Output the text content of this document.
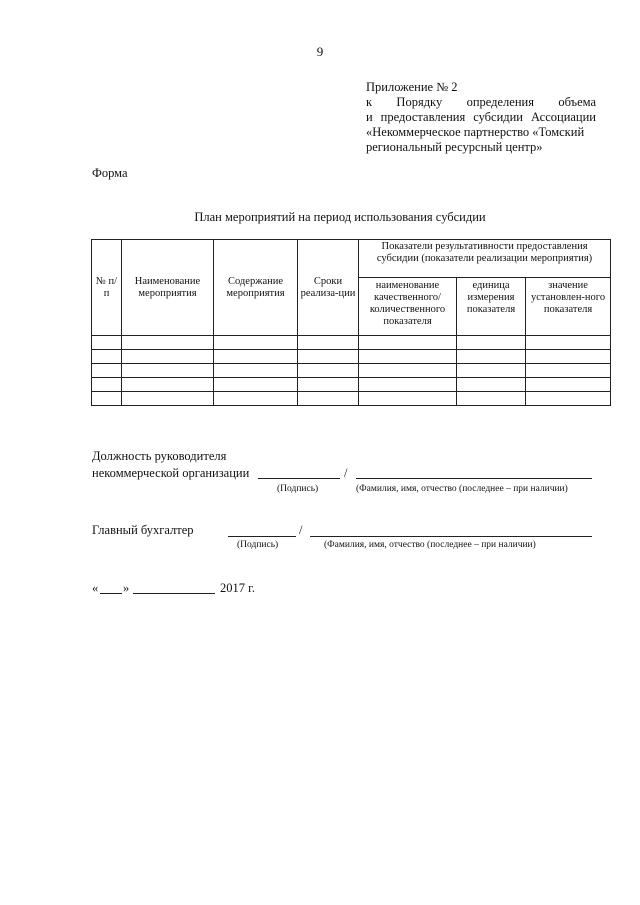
9
Приложение № 2
к Порядку определения объема
и предоставления субсидии Ассоциации
«Некоммерческое партнерство «Томский
региональный ресурсный центр»
Форма
План мероприятий на период использования субсидии
№ п/п	Наименование мероприятия	Содержание мероприятия	Сроки реализа-ции	Показатели результативности предоставления субсидии (показатели реализации мероприятия)		
				наименование качественного/ количественного показателя	единица измерения показателя	значение установлен-ного показателя

Должность руководителя
некоммерческой организации	/
(Подпись)	(Фамилия, имя, отчество (последнее – при наличии)
Главный бухгалтер	/
(Подпись)	(Фамилия, имя, отчество (последнее – при наличии)
« »	2017 г.
